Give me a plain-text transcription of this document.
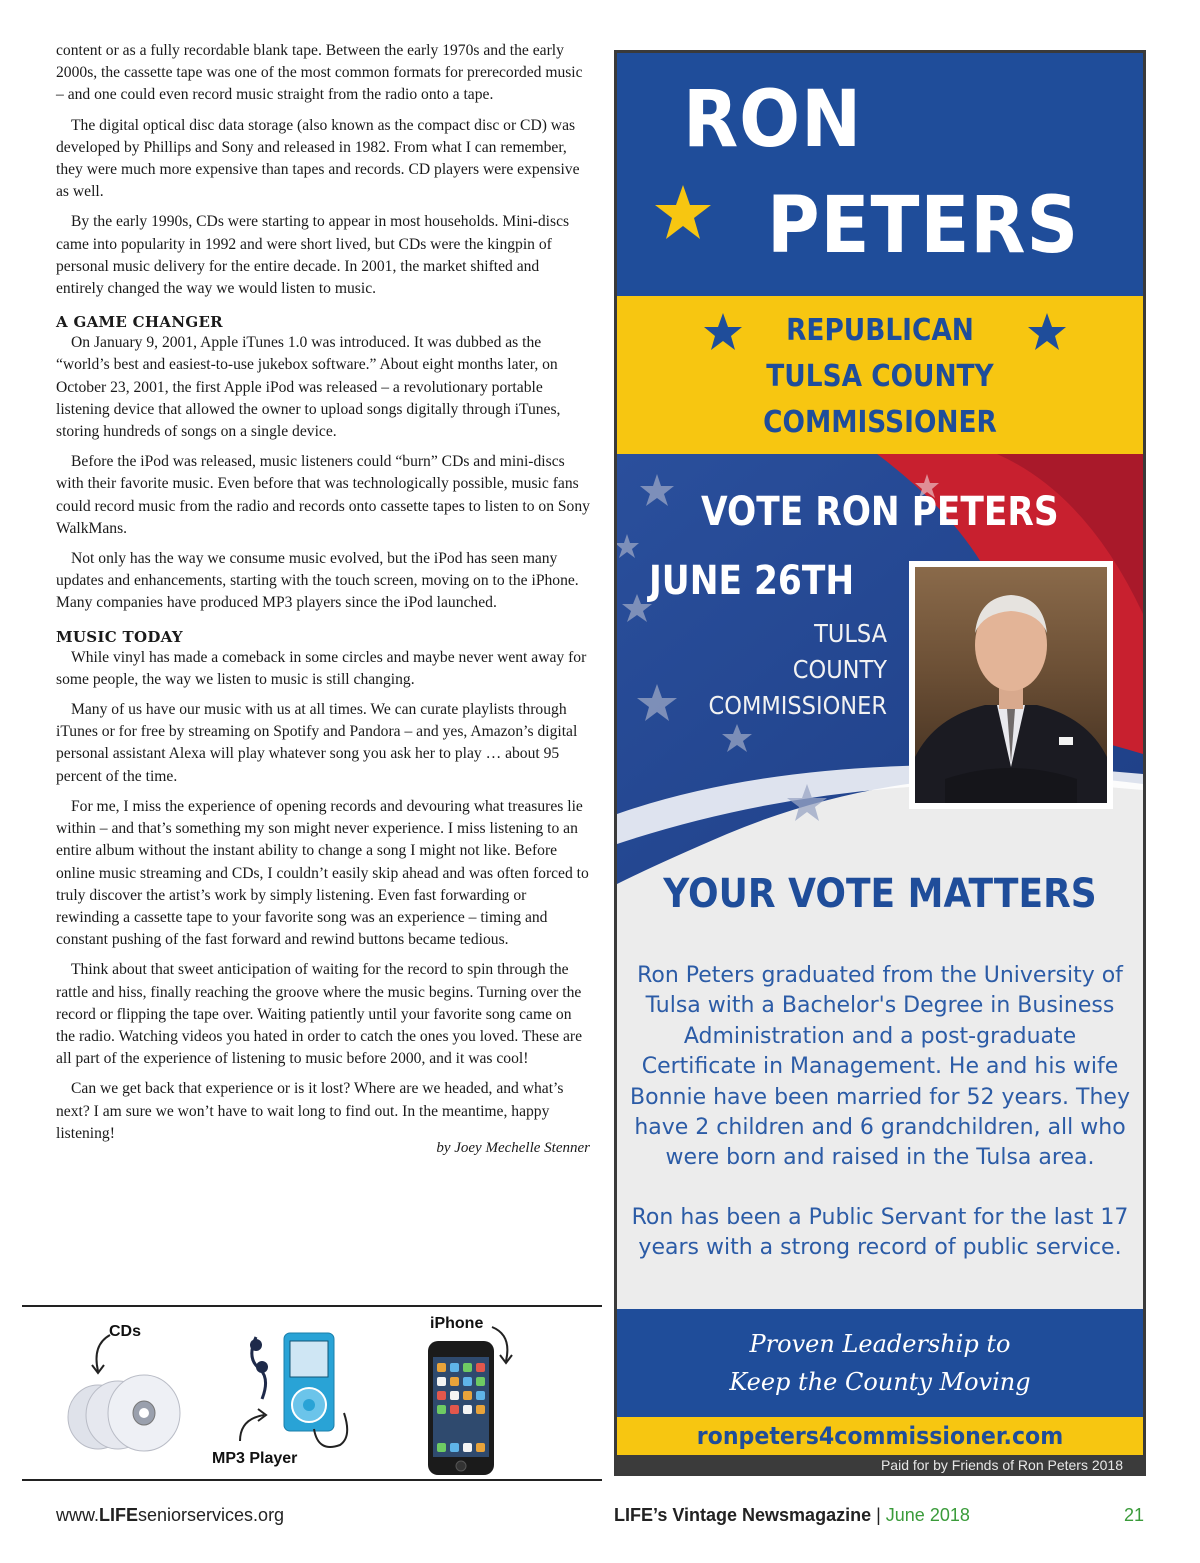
content or as a fully recordable blank tape. Between the early 1970s and the early 2000s, the cassette tape was one of the most common formats for prerecorded music – and one could even record music straight from the radio onto a tape.

The digital optical disc data storage (also known as the compact disc or CD) was developed by Phillips and Sony and released in 1982. From what I can remember, they were much more expensive than tapes and records. CD players were expensive as well.

By the early 1990s, CDs were starting to appear in most households. Mini-discs came into popularity in 1992 and were short lived, but CDs were the kingpin of personal music delivery for the entire decade. In 2001, the market shifted and entirely changed the way we would listen to music.

A GAME CHANGER

On January 9, 2001, Apple iTunes 1.0 was introduced. It was dubbed as the “world’s best and easiest-to-use jukebox software.” About eight months later, on October 23, 2001, the first Apple iPod was released – a revolutionary portable listening device that allowed the owner to upload songs digitally through iTunes, storing hundreds of songs on a single device.

Before the iPod was released, music listeners could “burn” CDs and mini-discs with their favorite music. Even before that was technologically possible, music fans could record music from the radio and records onto cassette tapes to listen to on Sony WalkMans.

Not only has the way we consume music evolved, but the iPod has seen many updates and enhancements, starting with the touch screen, moving on to the iPhone. Many companies have produced MP3 players since the iPod launched.

MUSIC TODAY

While vinyl has made a comeback in some circles and maybe never went away for some people, the way we listen to music is still changing.

Many of us have our music with us at all times. We can curate playlists through iTunes or for free by streaming on Spotify and Pandora – and yes, Amazon’s digital personal assistant Alexa will play whatever song you ask her to play … about 95 percent of the time.

For me, I miss the experience of opening records and devouring what treasures lie within – and that’s something my son might never experience. I miss listening to an entire album without the instant ability to change a song I might not like. Before online music streaming and CDs, I couldn’t easily skip ahead and was often forced to truly discover the artist’s work by simply listening. Even fast forwarding or rewinding a cassette tape to your favorite song was an experience – timing and constant pushing of the fast forward and rewind buttons became tedious.

Think about that sweet anticipation of waiting for the record to spin through the rattle and hiss, finally reaching the groove where the music begins. Turning over the record or flipping the tape over. Waiting patiently until your favorite song came on the radio. Watching videos you hated in order to catch the ones you loved. These are all part of the experience of listening to music before 2000, and it was cool!

Can we get back that experience or is it lost? Where are we headed, and what’s next? I am sure we won’t have to wait long to find out. In the meantime, happy listening!

by Joey Mechelle Stenner
CDs
MP3 Player
iPhone
RON
PETERS
REPUBLICAN
TULSA COUNTY COMMISSIONER
VOTE RON PETERS
JUNE 26TH
TULSA
COUNTY
COMMISSIONER
YOUR VOTE MATTERS
Ron Peters graduated from the University of Tulsa with a Bachelor's Degree in Business Administration and a post-graduate Certificate in Management. He and his wife Bonnie have been married for 52 years. They have 2 children and 6 grandchildren, all who were born and raised in the Tulsa area.
Ron has been a Public Servant for the last 17 years with a strong record of public service.
Proven Leadership to
Keep the County Moving
ronpeters4commissioner.com
Paid for by Friends of Ron Peters 2018
www.LIFEseniorservices.org	LIFE’s Vintage Newsmagazine | June 2018	21
